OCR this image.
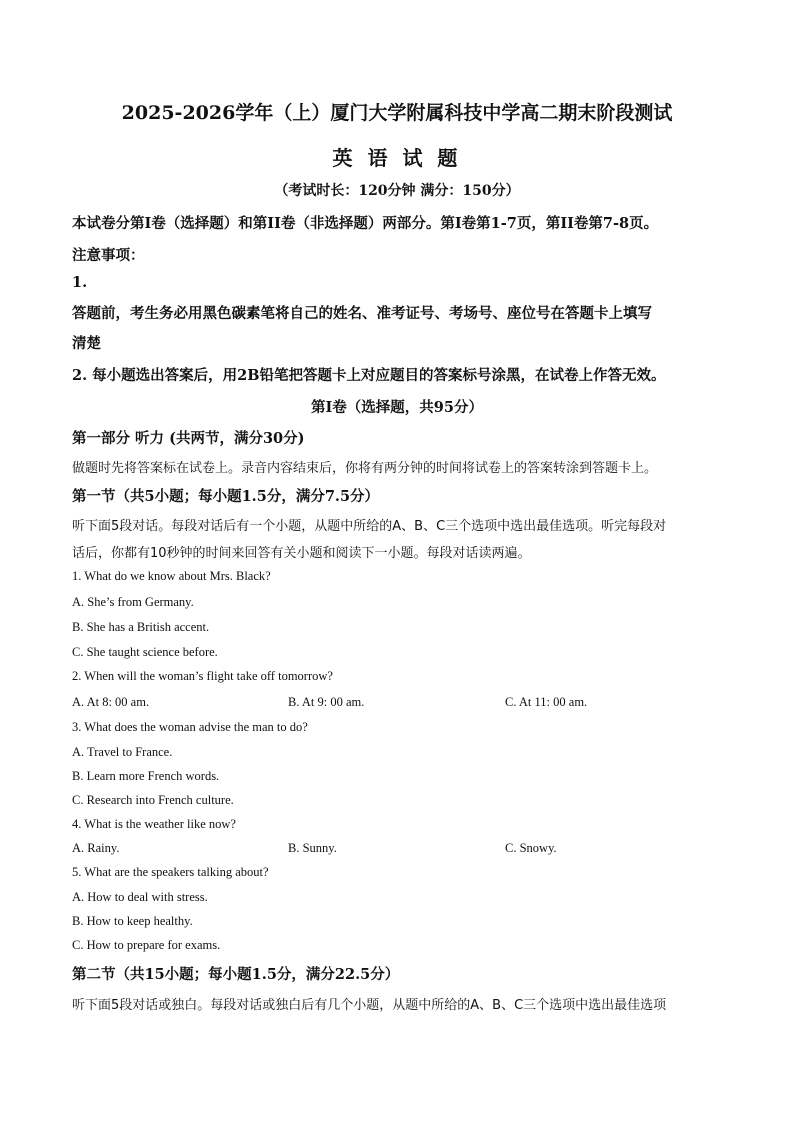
2025-2026学年（上）厦门大学附属科技中学高二期末阶段测试
英 语 试 题
（考试时长：120分钟 满分：150分）
本试卷分第I卷（选择题）和第II卷（非选择题）两部分。第I卷第1-7页，第II卷第7-8页。
注意事项：
1.
答题前，考生务必用黑色碳素笔将自己的姓名、准考证号、考场号、座位号在答题卡上填写
清楚
2. 每小题选出答案后，用2B铅笔把答题卡上对应题目的答案标号涂黑，在试卷上作答无效。
第I卷（选择题，共95分）
第一部分 听力 (共两节，满分30分)
做题时先将答案标在试卷上。录音内容结束后，你将有两分钟的时间将试卷上的答案转涂到答题卡上。
第一节（共5小题；每小题1.5分，满分7.5分）
听下面5段对话。每段对话后有一个小题，从题中所给的A、B、C三个选项中选出最佳选项。听完每段对
话后，你都有10秒钟的时间来回答有关小题和阅读下一小题。每段对话读两遍。
1. What do we know about Mrs. Black?
A. She’s from Germany.
B. She has a British accent.
C. She taught science before.
2. When will the woman’s flight take off tomorrow?
A. At 8: 00 am.	B. At 9: 00 am.	C. At 11: 00 am.
3. What does the woman advise the man to do?
A. Travel to France.
B. Learn more French words.
C. Research into French culture.
4. What is the weather like now?
A. Rainy.	B. Sunny.	C. Snowy.
5. What are the speakers talking about?
A. How to deal with stress.
B. How to keep healthy.
C. How to prepare for exams.
第二节（共15小题；每小题1.5分，满分22.5分）
听下面5段对话或独白。每段对话或独白后有几个小题，从题中所给的A、B、C三个选项中选出最佳选项
